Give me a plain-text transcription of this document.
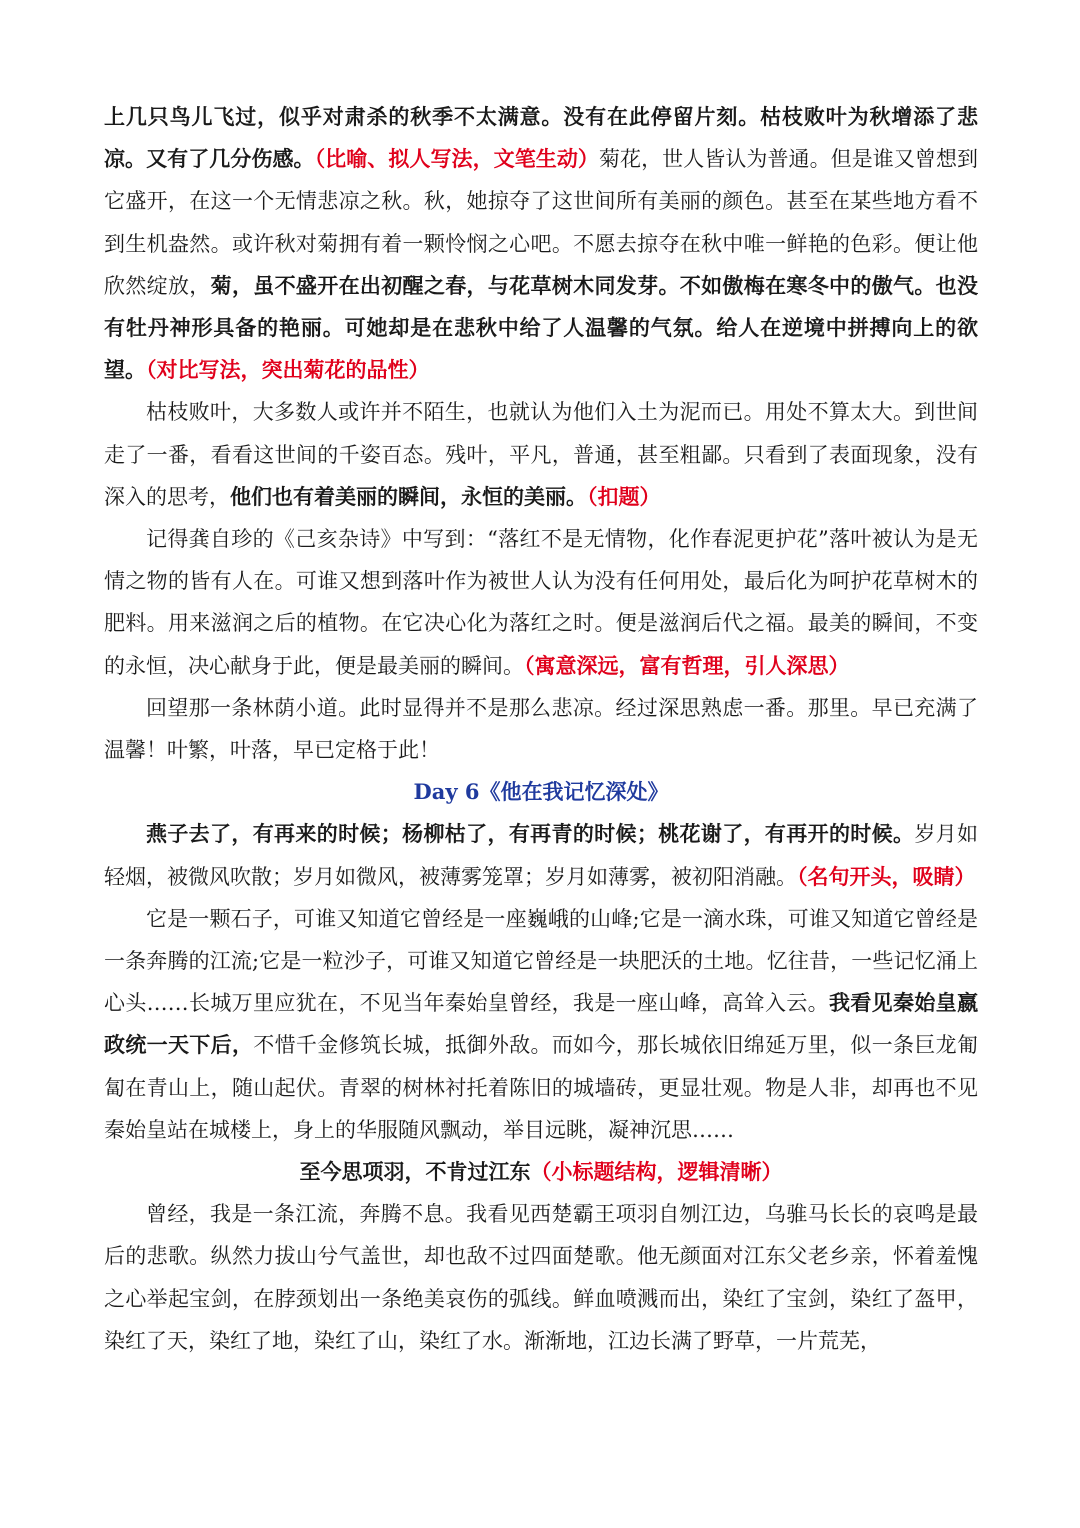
上几只鸟儿飞过，似乎对肃杀的秋季不太满意。没有在此停留片刻。枯枝败叶为秋增添了悲凉。又有了几分伤感。（比喻、拟人写法，文笔生动）菊花，世人皆认为普通。但是谁又曾想到它盛开，在这一个无情悲凉之秋。秋，她掠夺了这世间所有美丽的颜色。甚至在某些地方看不到生机盎然。或许秋对菊拥有着一颗怜悯之心吧。不愿去掠夺在秋中唯一鲜艳的色彩。便让他欣然绽放，菊，虽不盛开在出初醒之春，与花草树木同发芽。不如傲梅在寒冬中的傲气。也没有牡丹神形具备的艳丽。可她却是在悲秋中给了人温馨的气氛。给人在逆境中拼搏向上的欲望。（对比写法，突出菊花的品性）

枯枝败叶，大多数人或许并不陌生，也就认为他们入土为泥而已。用处不算太大。到世间走了一番，看看这世间的千姿百态。残叶，平凡，普通，甚至粗鄙。只看到了表面现象，没有深入的思考，他们也有着美丽的瞬间，永恒的美丽。（扣题）

记得龚自珍的《己亥杂诗》中写到：“落红不是无情物，化作春泥更护花”落叶被认为是无情之物的皆有人在。可谁又想到落叶作为被世人认为没有任何用处，最后化为呵护花草树木的肥料。用来滋润之后的植物。在它决心化为落红之时。便是滋润后代之福。最美的瞬间，不变的永恒，决心献身于此，便是最美丽的瞬间。（寓意深远，富有哲理，引人深思）

回望那一条林荫小道。此时显得并不是那么悲凉。经过深思熟虑一番。那里。早已充满了温馨！叶繁，叶落，早已定格于此！

Day 6《他在我记忆深处》

燕子去了，有再来的时候；杨柳枯了，有再青的时候；桃花谢了，有再开的时候。岁月如轻烟，被微风吹散；岁月如微风，被薄雾笼罩；岁月如薄雾，被初阳消融。（名句开头，吸睛）

它是一颗石子，可谁又知道它曾经是一座巍峨的山峰;它是一滴水珠，可谁又知道它曾经是一条奔腾的江流;它是一粒沙子，可谁又知道它曾经是一块肥沃的土地。忆往昔，一些记忆涌上心头……长城万里应犹在，不见当年秦始皇曾经，我是一座山峰，高耸入云。我看见秦始皇嬴政统一天下后，不惜千金修筑长城，抵御外敌。而如今，那长城依旧绵延万里，似一条巨龙匍匐在青山上，随山起伏。青翠的树林衬托着陈旧的城墙砖，更显壮观。物是人非，却再也不见秦始皇站在城楼上，身上的华服随风飘动，举目远眺，凝神沉思……

至今思项羽，不肯过江东（小标题结构，逻辑清晰）

曾经，我是一条江流，奔腾不息。我看见西楚霸王项羽自刎江边，乌骓马长长的哀鸣是最后的悲歌。纵然力拔山兮气盖世，却也敌不过四面楚歌。他无颜面对江东父老乡亲，怀着羞愧之心举起宝剑，在脖颈划出一条绝美哀伤的弧线。鲜血喷溅而出，染红了宝剑，染红了盔甲，染红了天，染红了地，染红了山，染红了水。渐渐地，江边长满了野草，一片荒芜，
